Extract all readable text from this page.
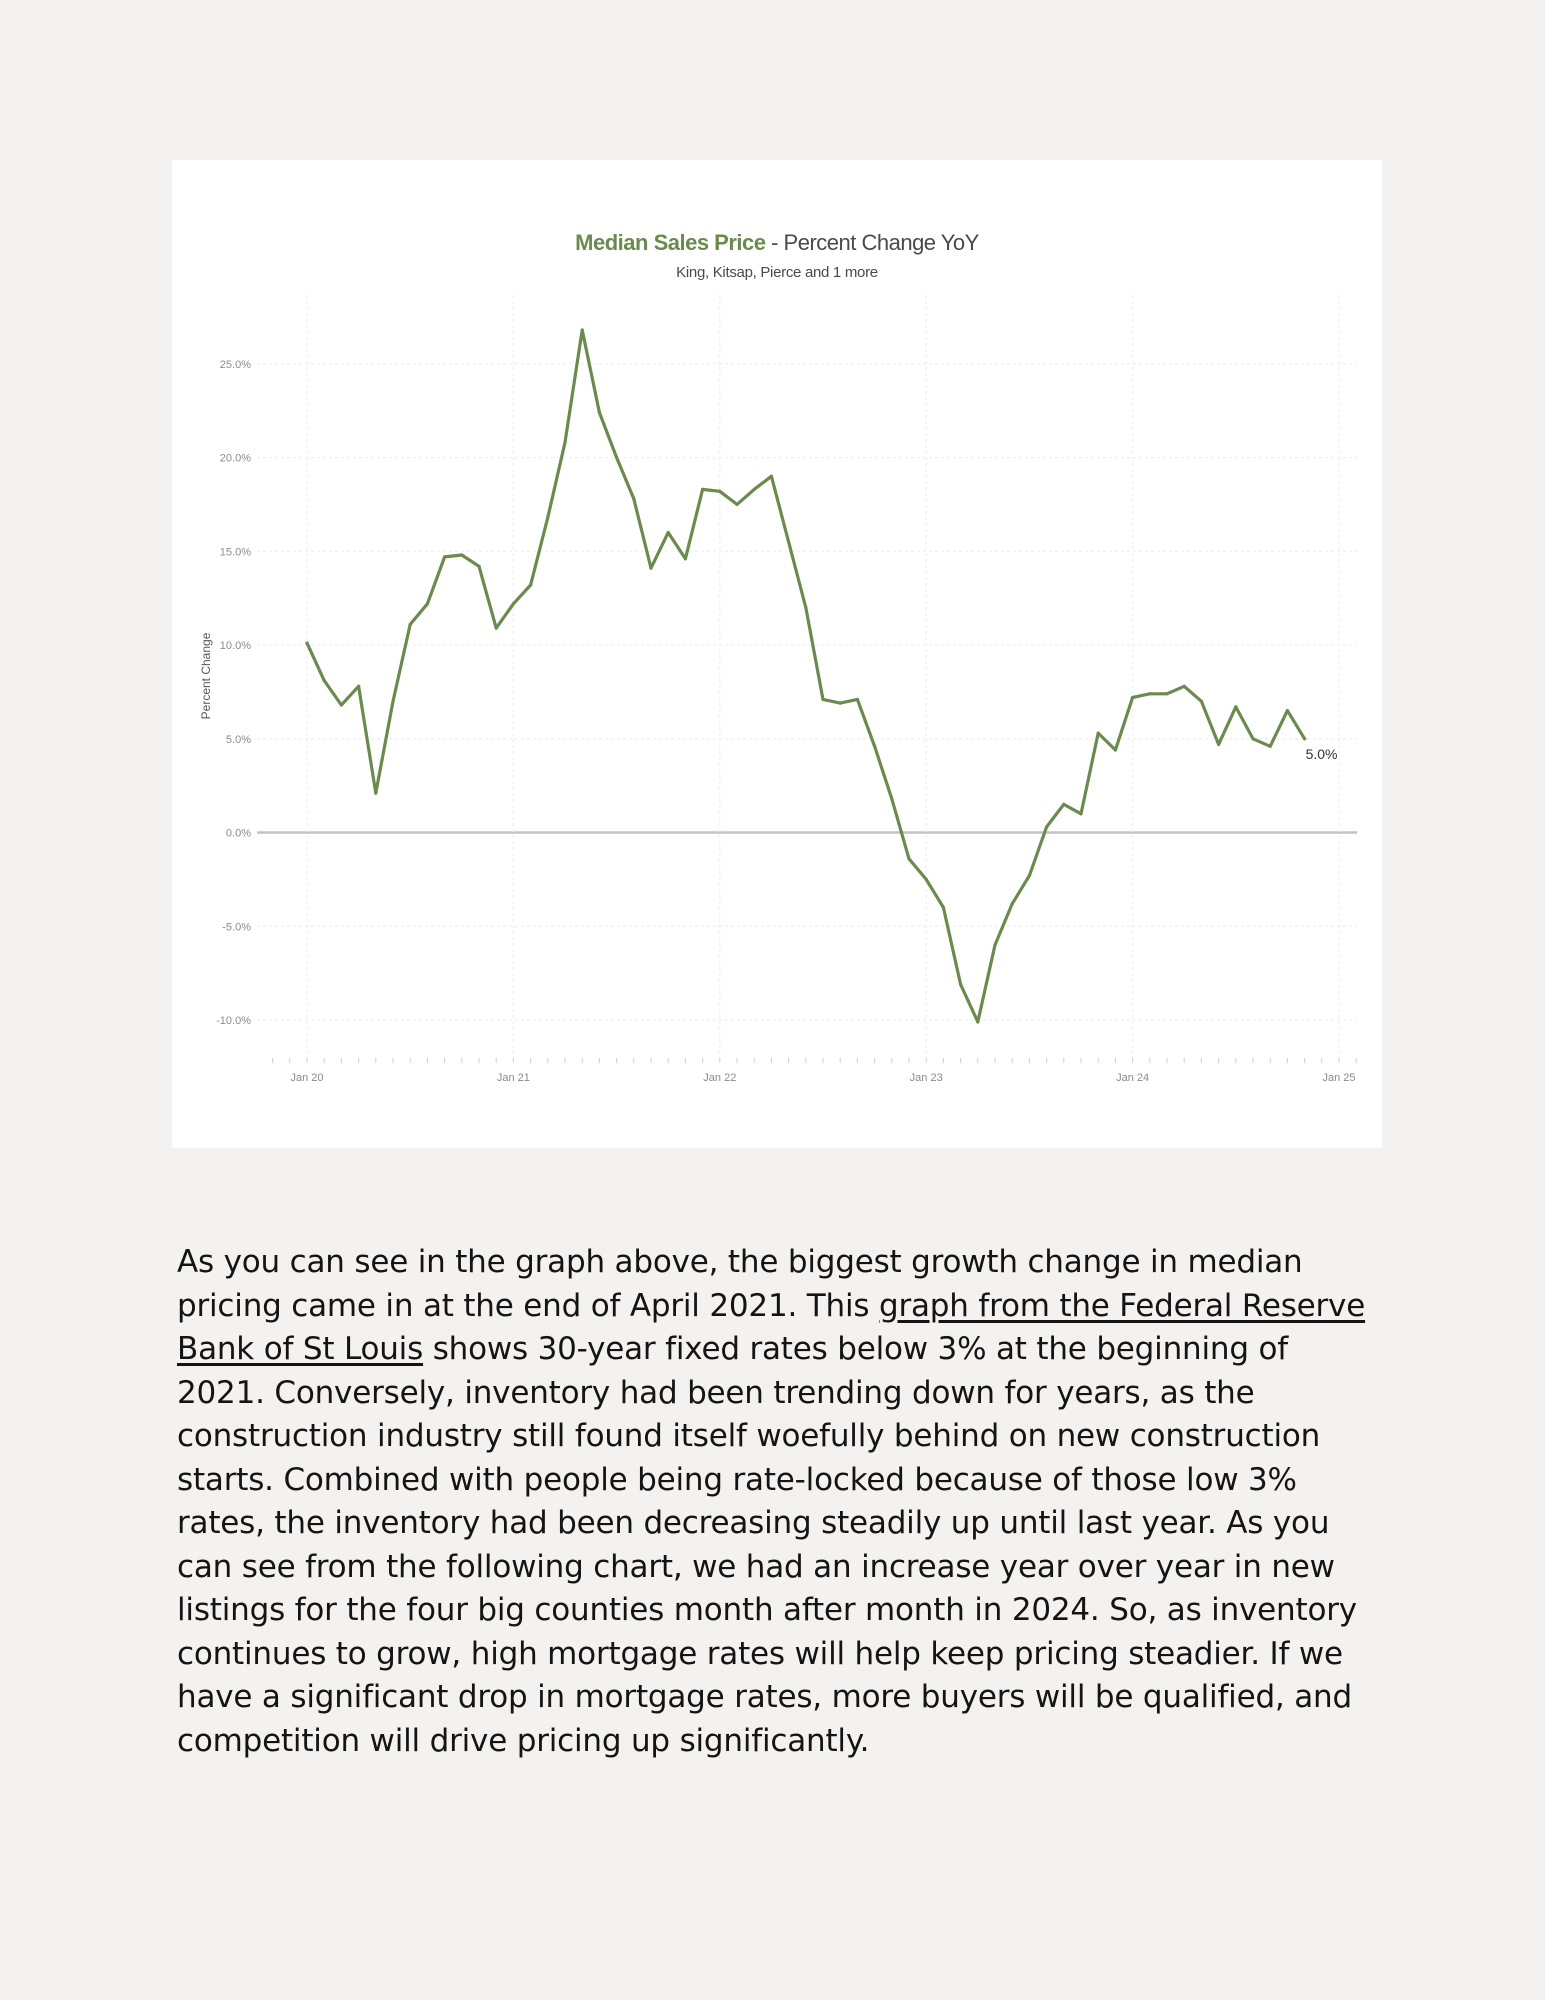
-10.0%
-5.0%
0.0%
5.0%
10.0%
15.0%
20.0%
25.0%
Jan 20	Jan 21	Jan 22	Jan 23	Jan 24	Jan 25
Percent Change
5.0%
Median Sales Price - Percent Change YoY
King, Kitsap, Pierce and 1 more
As you can see in the graph above, the biggest growth change in median pricing came in at the end of April 2021. This graph from the Federal Reserve Bank of St Louis shows 30-year fixed rates below 3% at the beginning of 2021. Conversely, inventory had been trending down for years, as the construction industry still found itself woefully behind on new construction starts. Combined with people being rate-locked because of those low 3% rates, the inventory had been decreasing steadily up until last year. As you can see from the following chart, we had an increase year over year in new listings for the four big counties month after month in 2024. So, as inventory continues to grow, high mortgage rates will help keep pricing steadier. If we have a significant drop in mortgage rates, more buyers will be qualified, and competition will drive pricing up significantly.
